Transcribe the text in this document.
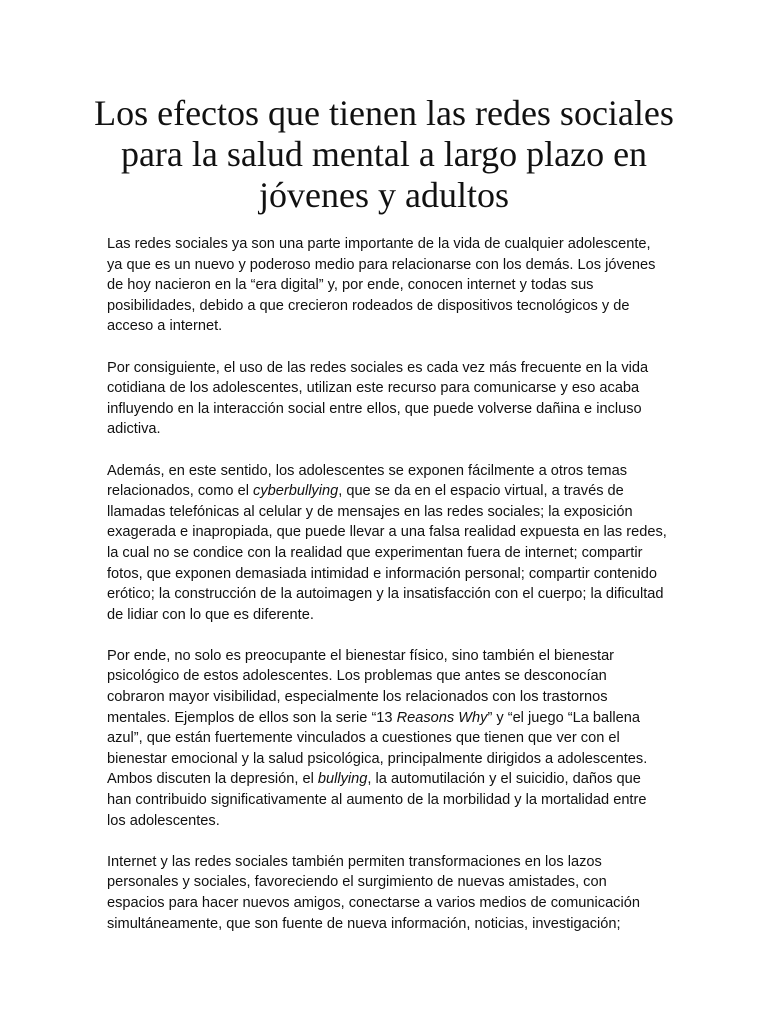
Los efectos que tienen las redes sociales para la salud mental a largo plazo en jóvenes y adultos

Las redes sociales ya son una parte importante de la vida de cualquier adolescente, ya que es un nuevo y poderoso medio para relacionarse con los demás. Los jóvenes de hoy nacieron en la “era digital” y, por ende, conocen internet y todas sus posibilidades, debido a que crecieron rodeados de dispositivos tecnológicos y de acceso a internet.

Por consiguiente, el uso de las redes sociales es cada vez más frecuente en la vida cotidiana de los adolescentes, utilizan este recurso para comunicarse y eso acaba influyendo en la interacción social entre ellos, que puede volverse dañina e incluso adictiva.

Además, en este sentido, los adolescentes se exponen fácilmente a otros temas relacionados, como el cyberbullying, que se da en el espacio virtual, a través de llamadas telefónicas al celular y de mensajes en las redes sociales; la exposición exagerada e inapropiada, que puede llevar a una falsa realidad expuesta en las redes, la cual no se condice con la realidad que experimentan fuera de internet; compartir fotos, que exponen demasiada intimidad e información personal; compartir contenido erótico; la construcción de la autoimagen y la insatisfacción con el cuerpo; la dificultad de lidiar con lo que es diferente.

Por ende, no solo es preocupante el bienestar físico, sino también el bienestar psicológico de estos adolescentes. Los problemas que antes se desconocían cobraron mayor visibilidad, especialmente los relacionados con los trastornos mentales. Ejemplos de ellos son la serie “13 Reasons Why” y “el juego “La ballena azul”, que están fuertemente vinculados a cuestiones que tienen que ver con el bienestar emocional y la salud psicológica, principalmente dirigidos a adolescentes. Ambos discuten la depresión, el bullying, la automutilación y el suicidio, daños que han contribuido significativamente al aumento de la morbilidad y la mortalidad entre los adolescentes.

Internet y las redes sociales también permiten transformaciones en los lazos personales y sociales, favoreciendo el surgimiento de nuevas amistades, con espacios para hacer nuevos amigos, conectarse a varios medios de comunicación simultáneamente, que son fuente de nueva información, noticias, investigación;
